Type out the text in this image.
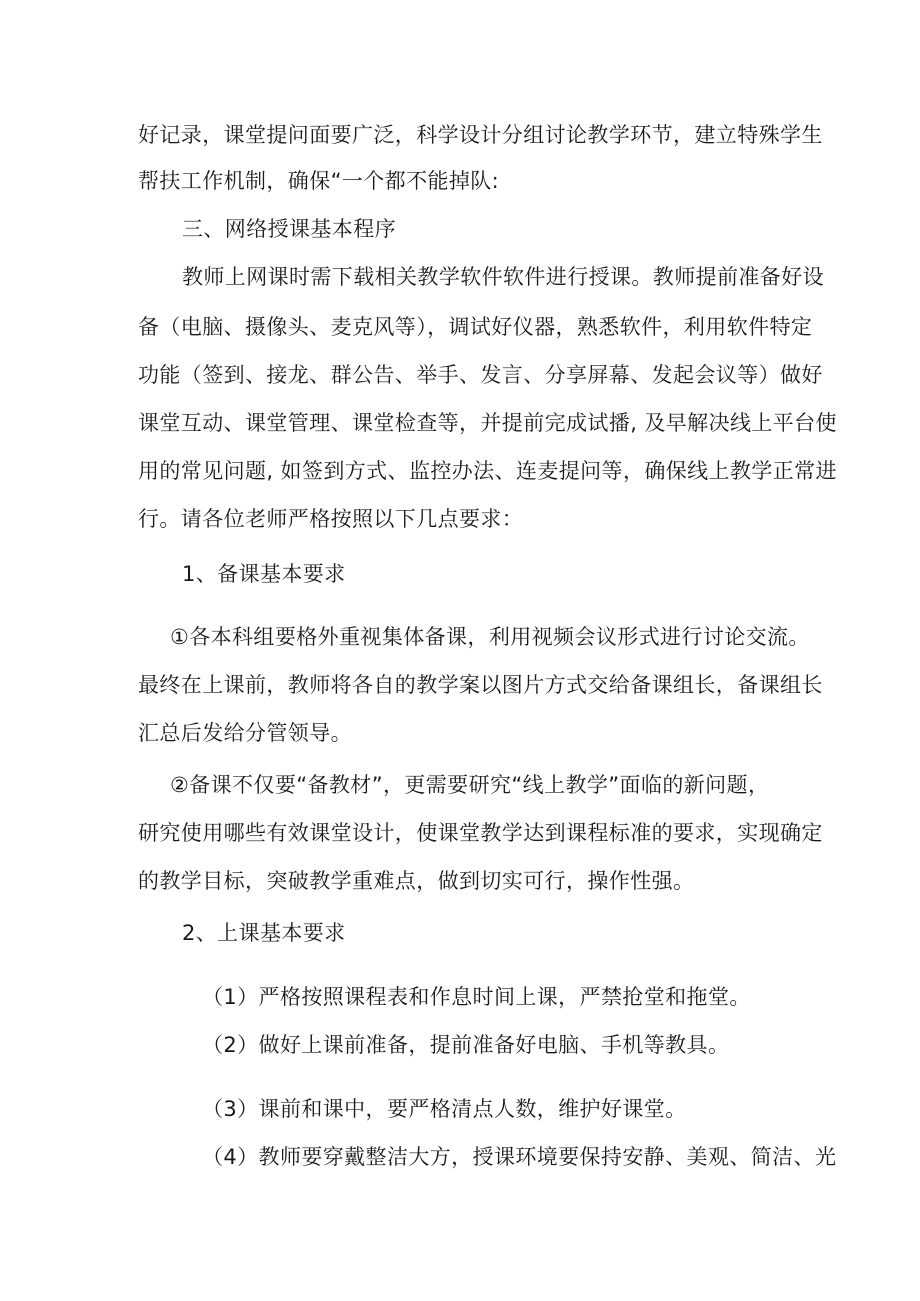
好记录，课堂提问面要广泛，科学设计分组讨论教学环节，建立特殊学生
帮扶工作机制，确保“一个都不能掉队:
三、网络授课基本程序
教师上网课时需下载相关教学软件软件进行授课。教师提前准备好设
备（电脑、摄像头、麦克风等），调试好仪器，熟悉软件，利用软件特定
功能（签到、接龙、群公告、举手、发言、分享屏幕、发起会议等）做好
课堂互动、课堂管理、课堂检查等，并提前完成试播, 及早解决线上平台使
用的常见问题, 如签到方式、监控办法、连麦提问等，确保线上教学正常进
行。请各位老师严格按照以下几点要求：
1、备课基本要求
①各本科组要格外重视集体备课，利用视频会议形式进行讨论交流。
最终在上课前，教师将各自的教学案以图片方式交给备课组长，备课组长
汇总后发给分管领导。
②备课不仅要“备教材”，更需要研究“线上教学”面临的新问题，
研究使用哪些有效课堂设计，使课堂教学达到课程标准的要求，实现确定
的教学目标，突破教学重难点，做到切实可行，操作性强。
2、上课基本要求
（1）严格按照课程表和作息时间上课，严禁抢堂和拖堂。
（2）做好上课前准备，提前准备好电脑、手机等教具。
（3）课前和课中，要严格清点人数，维护好课堂。
（4）教师要穿戴整洁大方，授课环境要保持安静、美观、简洁、光
